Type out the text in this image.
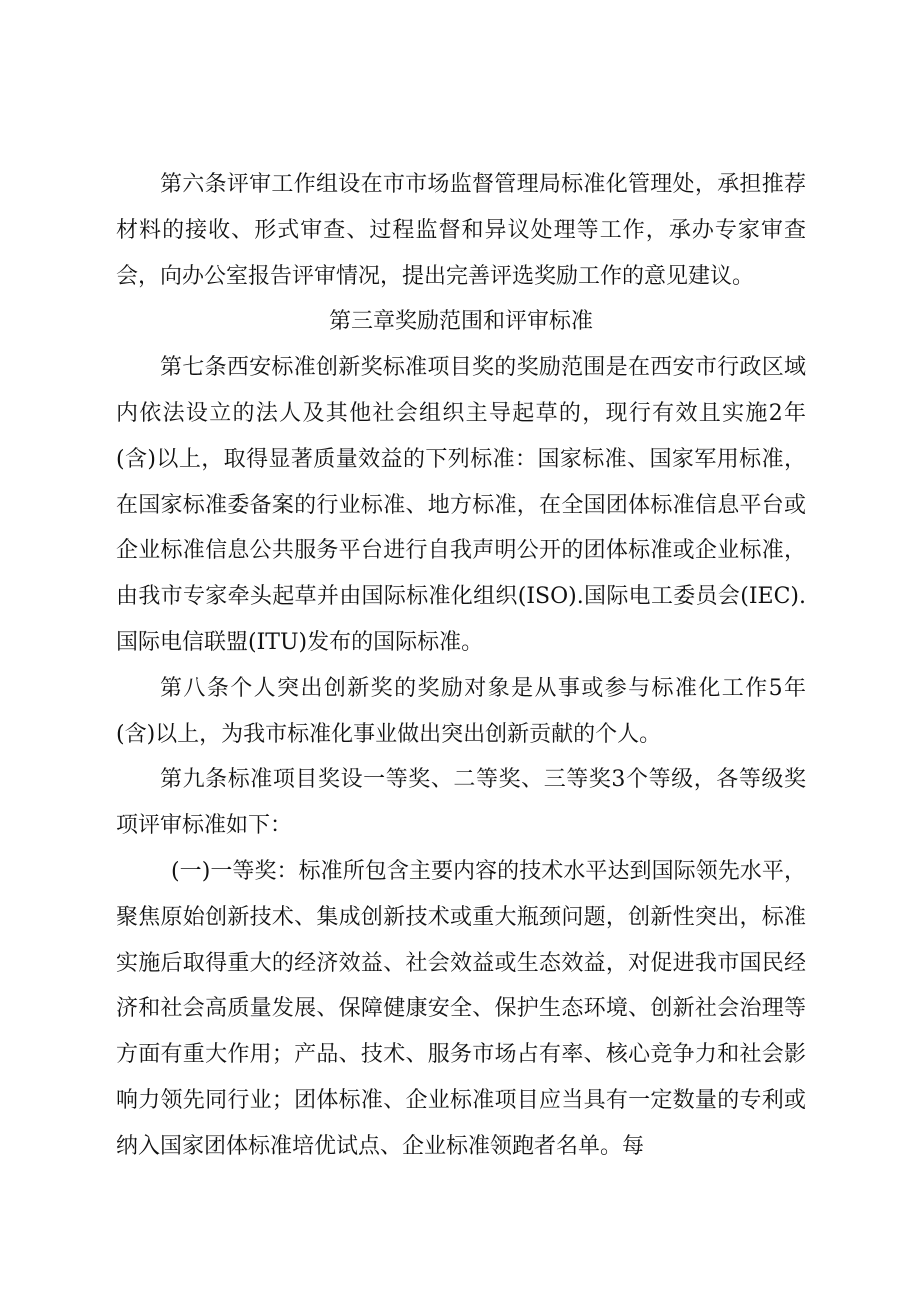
第六条评审工作组设在市市场监督管理局标准化管理处，承担推荐材料的接收、形式审查、过程监督和异议处理等工作，承办专家审查会，向办公室报告评审情况，提出完善评选奖励工作的意见建议。

第三章奖励范围和评审标准

第七条西安标准创新奖标准项目奖的奖励范围是在西安市行政区域内依法设立的法人及其他社会组织主导起草的，现行有效且实施2年(含)以上，取得显著质量效益的下列标准：国家标准、国家军用标准，在国家标准委备案的行业标准、地方标准，在全国团体标准信息平台或企业标准信息公共服务平台进行自我声明公开的团体标准或企业标准，由我市专家牵头起草并由国际标准化组织(ISO).国际电工委员会(IEC).国际电信联盟(ITU)发布的国际标准。

第八条个人突出创新奖的奖励对象是从事或参与标准化工作5年(含)以上，为我市标准化事业做出突出创新贡献的个人。

第九条标准项目奖设一等奖、二等奖、三等奖3个等级，各等级奖项评审标准如下：

(一)一等奖：标准所包含主要内容的技术水平达到国际领先水平，聚焦原始创新技术、集成创新技术或重大瓶颈问题，创新性突出，标准实施后取得重大的经济效益、社会效益或生态效益，对促进我市国民经济和社会高质量发展、保障健康安全、保护生态环境、创新社会治理等方面有重大作用；产品、技术、服务市场占有率、核心竞争力和社会影响力领先同行业；团体标准、企业标准项目应当具有一定数量的专利或纳入国家团体标准培优试点、企业标准领跑者名单。每
